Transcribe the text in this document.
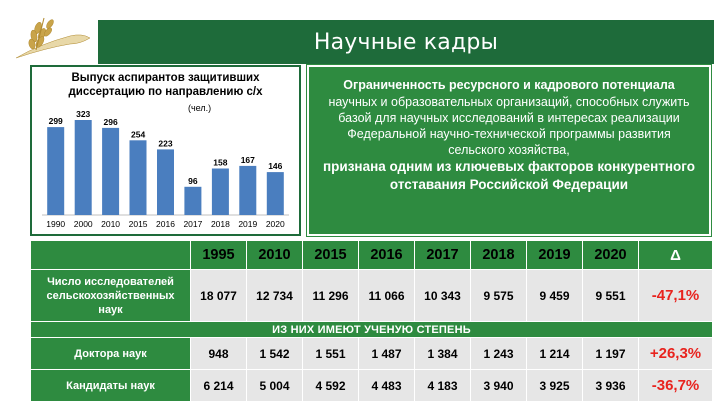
Научные кадры
Выпуск аспирантов защитивших диссертацию по направлению с/х
(чел.)
299
1990
323
2000
296
2010
254
2015
223
2016
96
2017
158
2018
167
2019
146
2020
Ограниченность ресурсного и кадрового потенциала
научных и образовательных организаций, способных служить базой для научных исследований в интересах реализации Федеральной научно-технической программы развития сельского хозяйства,
признана одним из ключевых факторов конкурентного отставания Российской Федерации
	1995	2010	2015	2016	2017	2018	2019	2020	Δ
Число исследователей сельскохозяйственных наук	18 077	12 734	11 296	11 066	10 343	9 575	9 459	9 551	-47,1%
ИЗ НИХ ИМЕЮТ УЧЕНУЮ СТЕПЕНЬ									
Доктора наук	948	1 542	1 551	1 487	1 384	1 243	1 214	1 197	+26,3%
Кандидаты наук	6 214	5 004	4 592	4 483	4 183	3 940	3 925	3 936	-36,7%
